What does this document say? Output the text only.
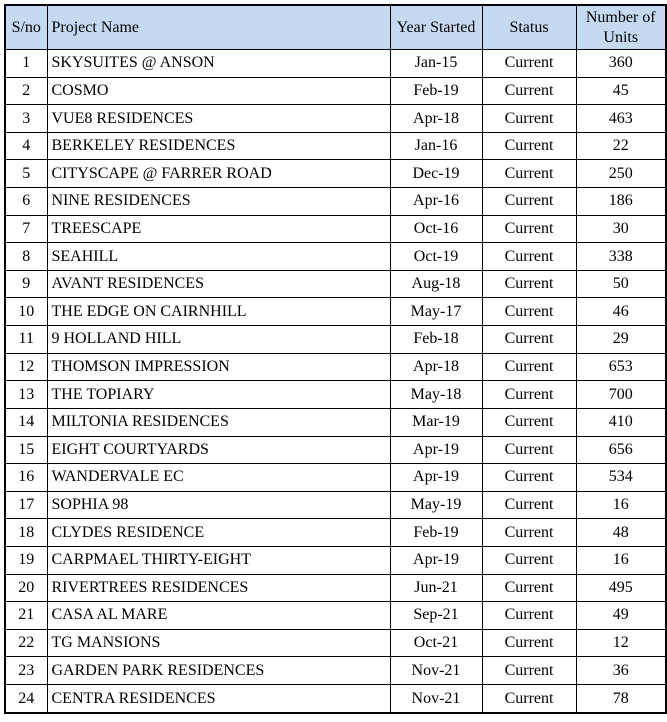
S/no	Project Name	Year Started	Status	Number of Units
1	SKYSUITES @ ANSON	Jan-15	Current	360
2	COSMO	Feb-19	Current	45
3	VUE8 RESIDENCES	Apr-18	Current	463
4	BERKELEY RESIDENCES	Jan-16	Current	22
5	CITYSCAPE @ FARRER ROAD	Dec-19	Current	250
6	NINE RESIDENCES	Apr-16	Current	186
7	TREESCAPE	Oct-16	Current	30
8	SEAHILL	Oct-19	Current	338
9	AVANT RESIDENCES	Aug-18	Current	50
10	THE EDGE ON CAIRNHILL	May-17	Current	46
11	9 HOLLAND HILL	Feb-18	Current	29
12	THOMSON IMPRESSION	Apr-18	Current	653
13	THE TOPIARY	May-18	Current	700
14	MILTONIA RESIDENCES	Mar-19	Current	410
15	EIGHT COURTYARDS	Apr-19	Current	656
16	WANDERVALE EC	Apr-19	Current	534
17	SOPHIA 98	May-19	Current	16
18	CLYDES RESIDENCE	Feb-19	Current	48
19	CARPMAEL THIRTY-EIGHT	Apr-19	Current	16
20	RIVERTREES RESIDENCES	Jun-21	Current	495
21	CASA AL MARE	Sep-21	Current	49
22	TG MANSIONS	Oct-21	Current	12
23	GARDEN PARK RESIDENCES	Nov-21	Current	36
24	CENTRA RESIDENCES	Nov-21	Current	78
